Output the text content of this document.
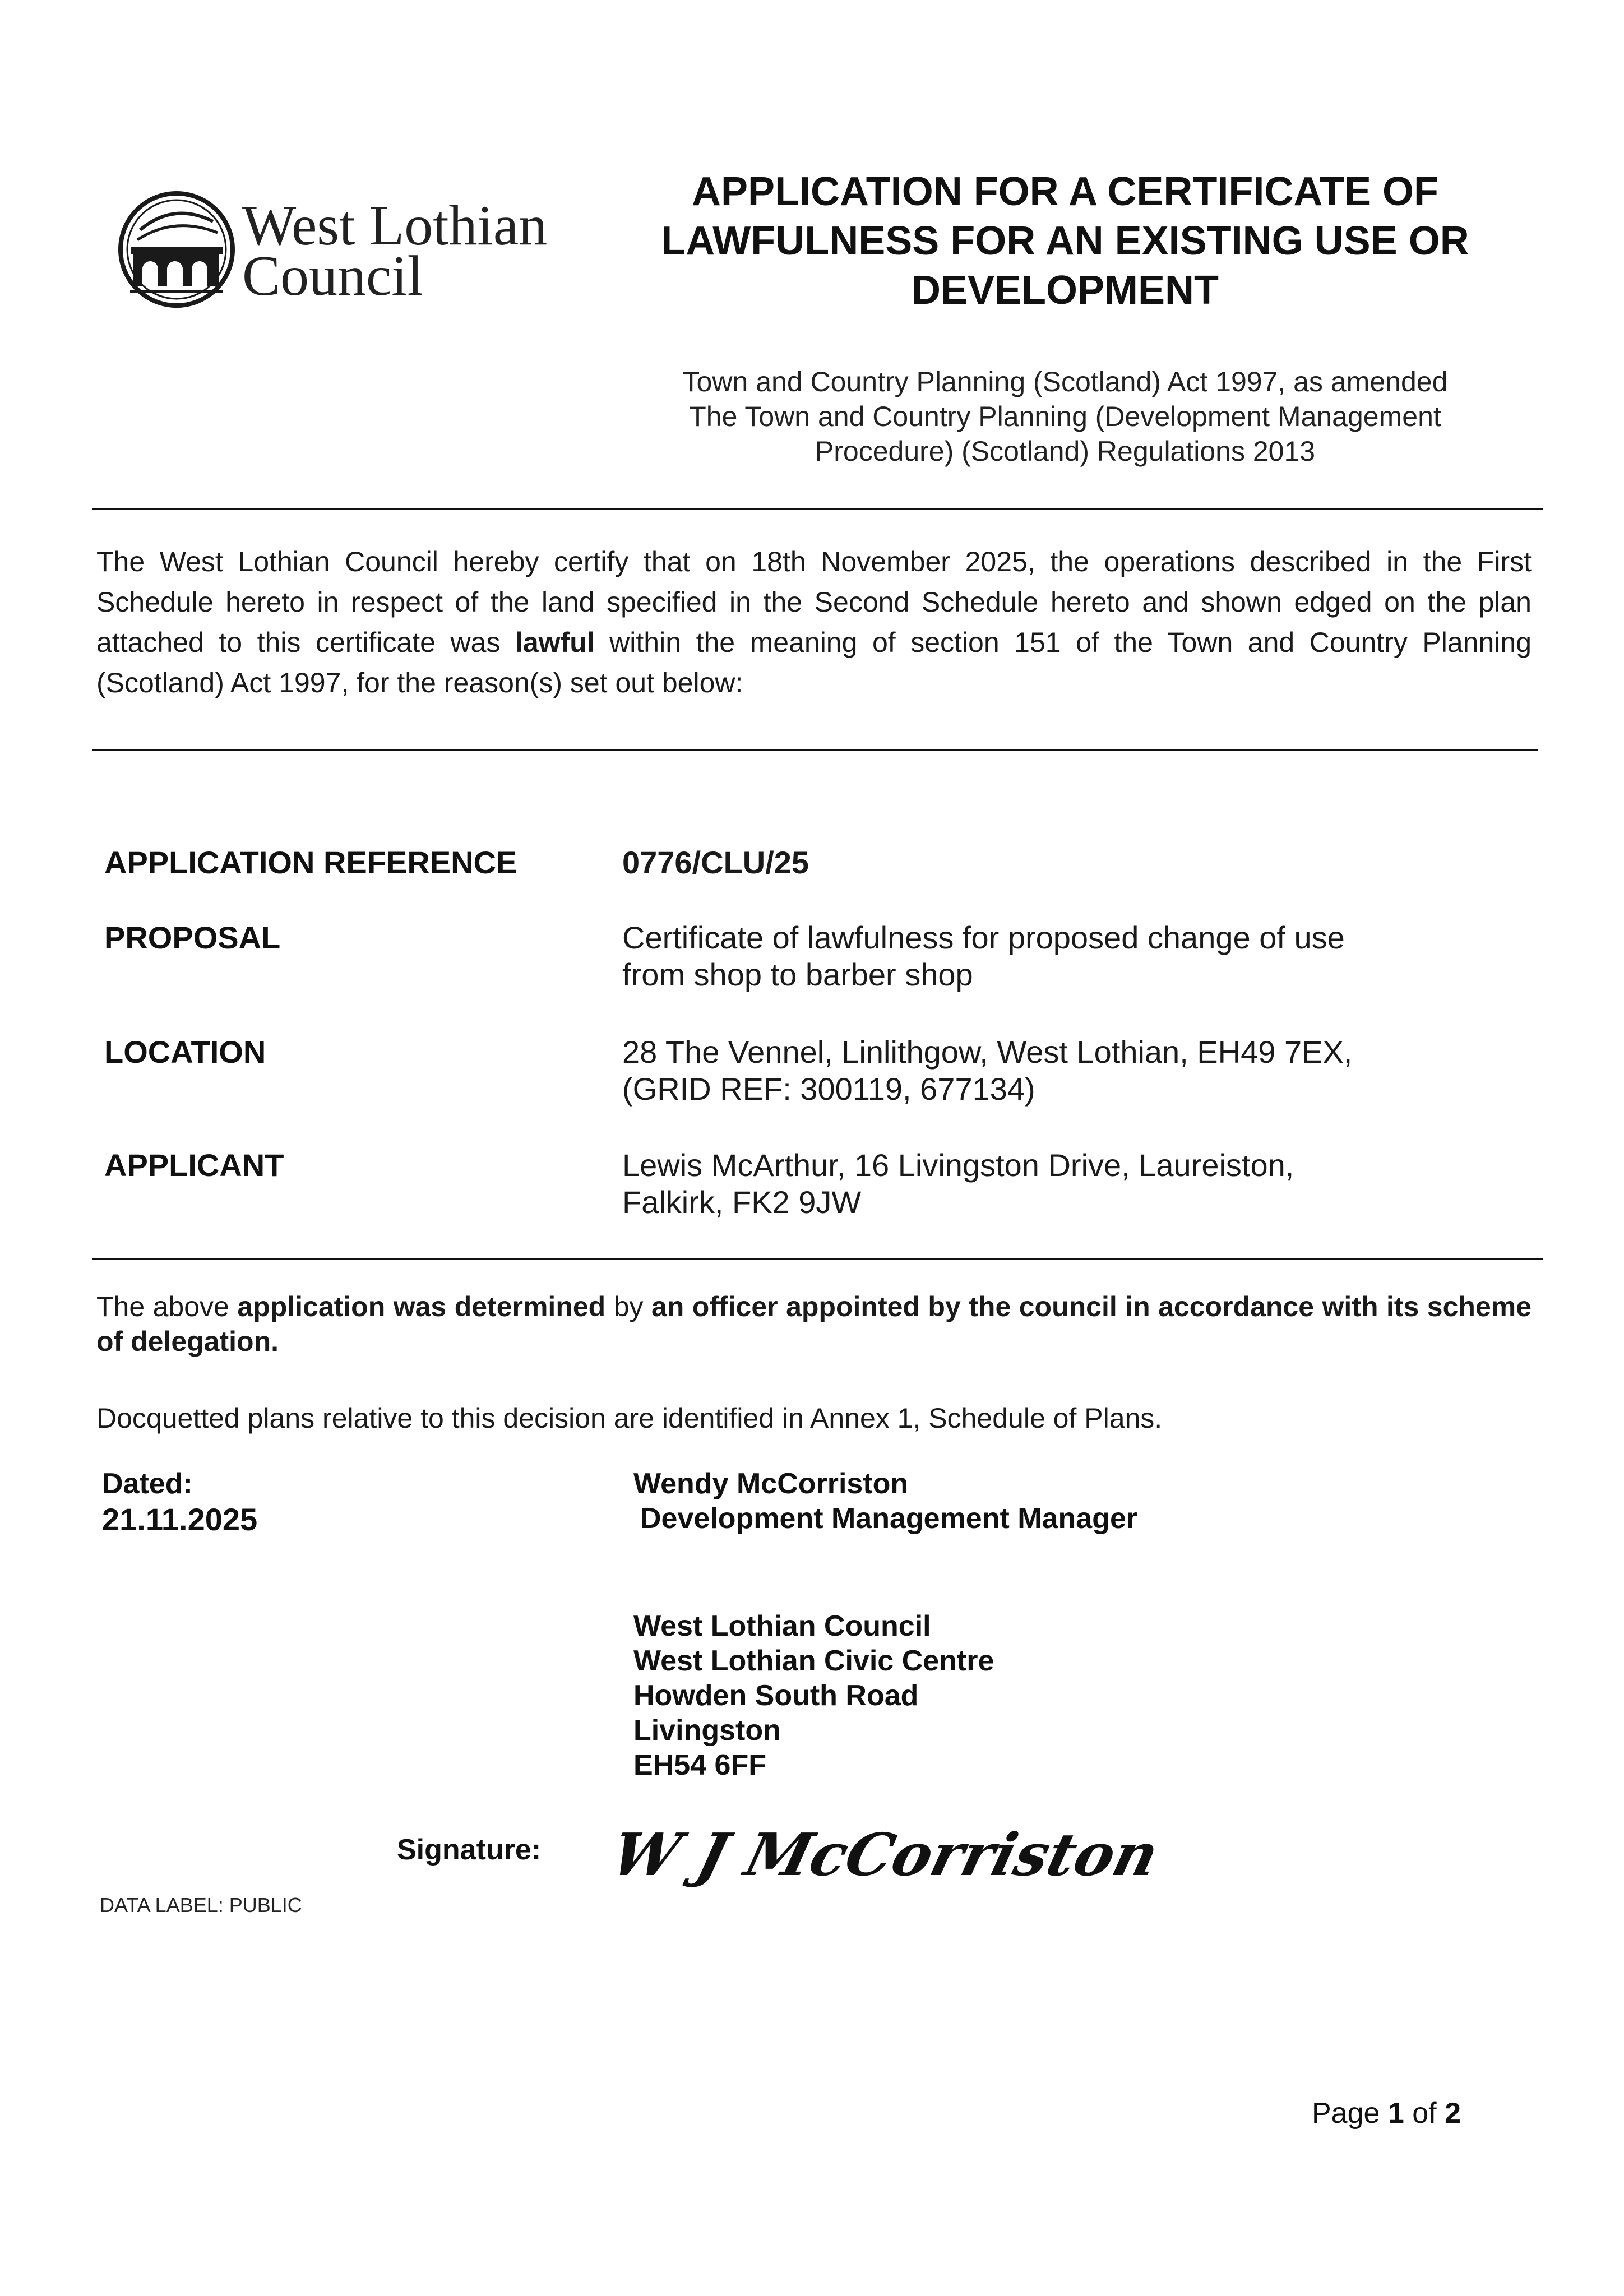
West Lothian
Council
APPLICATION FOR A CERTIFICATE OF
LAWFULNESS FOR AN EXISTING USE OR
DEVELOPMENT
Town and Country Planning (Scotland) Act 1997, as amended
The Town and Country Planning (Development Management
Procedure) (Scotland) Regulations 2013
The West Lothian Council hereby certify that on 18th November 2025, the operations described in the First Schedule hereto in respect of the land specified in the Second Schedule hereto and shown edged on the plan attached to this certificate was lawful within the meaning of section 151 of the Town and Country Planning (Scotland) Act 1997, for the reason(s) set out below:
APPLICATION REFERENCE	0776/CLU/25
PROPOSAL	Certificate of lawfulness for proposed change of use
from shop to barber shop
LOCATION	28 The Vennel, Linlithgow, West Lothian, EH49 7EX,
(GRID REF: 300119, 677134)
APPLICANT	Lewis McArthur, 16 Livingston Drive, Laureiston,
Falkirk, FK2 9JW
The above application was determined by an officer appointed by the council in accordance with its scheme of delegation.
Docquetted plans relative to this decision are identified in Annex 1, Schedule of Plans.
Dated:
21.11.2025
Wendy McCorriston
Development Management Manager
West Lothian Council
West Lothian Civic Centre
Howden South Road
Livingston
EH54 6FF
Signature: W J McCorriston
DATA LABEL: PUBLIC
Page 1 of 2
